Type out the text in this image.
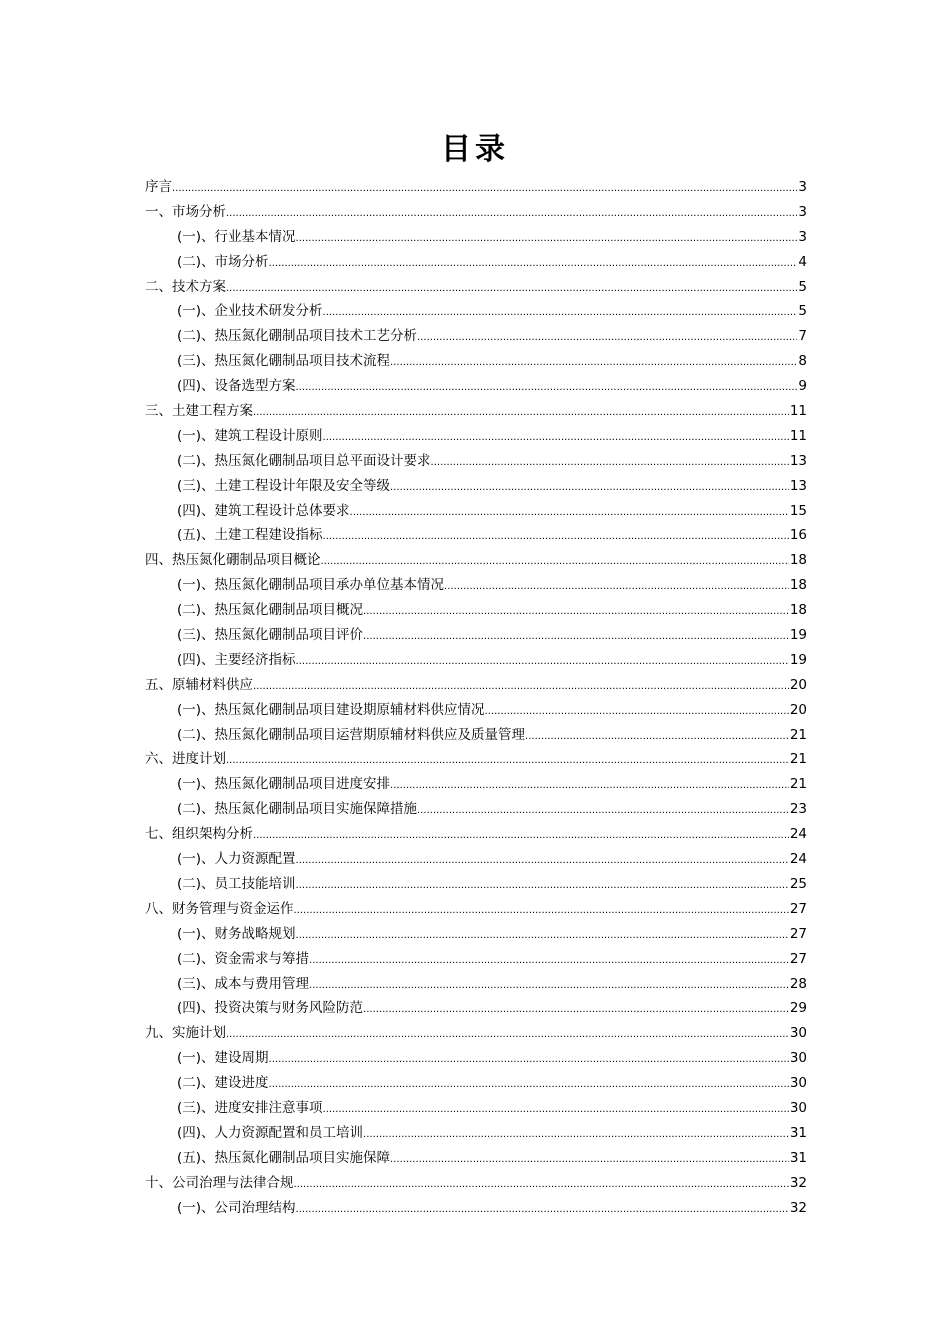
目录
序言 .....	3
一、市场分析 .....	3
(一)、行业基本情况 .....	3
(二)、市场分析 .....	4
二、技术方案 .....	5
(一)、企业技术研发分析 .....	5
(二)、热压氮化硼制品项目技术工艺分析 .....	7
(三)、热压氮化硼制品项目技术流程 .....	8
(四)、设备选型方案 .....	9
三、土建工程方案 .....	11
(一)、建筑工程设计原则 .....	11
(二)、热压氮化硼制品项目总平面设计要求 .....	13
(三)、土建工程设计年限及安全等级 .....	13
(四)、建筑工程设计总体要求 .....	15
(五)、土建工程建设指标 .....	16
四、热压氮化硼制品项目概论 .....	18
(一)、热压氮化硼制品项目承办单位基本情况 .....	18
(二)、热压氮化硼制品项目概况 .....	18
(三)、热压氮化硼制品项目评价 .....	19
(四)、主要经济指标 .....	19
五、原辅材料供应 .....	20
(一)、热压氮化硼制品项目建设期原辅材料供应情况 .....	20
(二)、热压氮化硼制品项目运营期原辅材料供应及质量管理 .....	21
六、进度计划 .....	21
(一)、热压氮化硼制品项目进度安排 .....	21
(二)、热压氮化硼制品项目实施保障措施 .....	23
七、组织架构分析 .....	24
(一)、人力资源配置 .....	24
(二)、员工技能培训 .....	25
八、财务管理与资金运作 .....	27
(一)、财务战略规划 .....	27
(二)、资金需求与筹措 .....	27
(三)、成本与费用管理 .....	28
(四)、投资决策与财务风险防范 .....	29
九、实施计划 .....	30
(一)、建设周期 .....	30
(二)、建设进度 .....	30
(三)、进度安排注意事项 .....	30
(四)、人力资源配置和员工培训 .....	31
(五)、热压氮化硼制品项目实施保障 .....	31
十、公司治理与法律合规 .....	32
(一)、公司治理结构 .....	32
